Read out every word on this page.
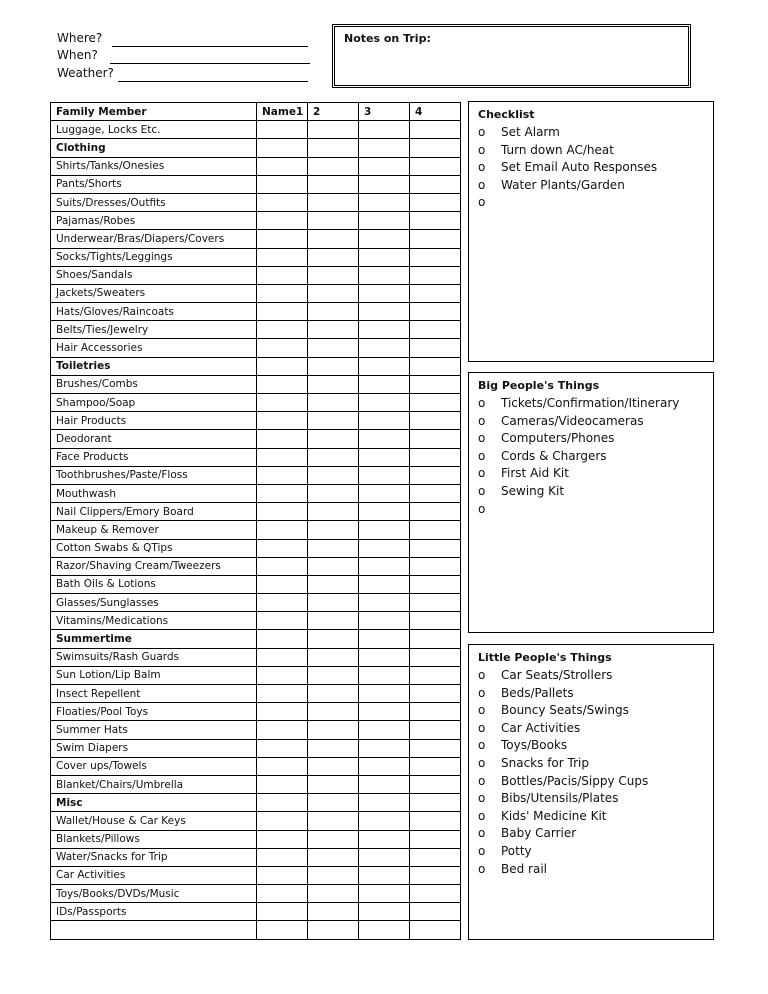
Where?
When?
Weather?
Notes on Trip:
Family Member	Name1	2	3	4
Luggage, Locks Etc.				
Clothing				
Shirts/Tanks/Onesies				
Pants/Shorts				
Suits/Dresses/Outfits				
Pajamas/Robes				
Underwear/Bras/Diapers/Covers				
Socks/Tights/Leggings				
Shoes/Sandals				
Jackets/Sweaters				
Hats/Gloves/Raincoats				
Belts/Ties/Jewelry				
Hair Accessories				
Toiletries				
Brushes/Combs				
Shampoo/Soap				
Hair Products				
Deodorant				
Face Products				
Toothbrushes/Paste/Floss				
Mouthwash				
Nail Clippers/Emory Board				
Makeup & Remover				
Cotton Swabs & QTips				
Razor/Shaving Cream/Tweezers				
Bath Oils & Lotions				
Glasses/Sunglasses				
Vitamins/Medications				
Summertime				
Swimsuits/Rash Guards				
Sun Lotion/Lip Balm				
Insect Repellent				
Floaties/Pool Toys				
Summer Hats				
Swim Diapers				
Cover ups/Towels				
Blanket/Chairs/Umbrella				
Misc				
Wallet/House & Car Keys				
Blankets/Pillows				
Water/Snacks for Trip				
Car Activities				
Toys/Books/DVDs/Music				
IDs/Passports				

Checklist
o Set Alarm
o Turn down AC/heat
o Set Email Auto Responses
o Water Plants/Garden
o
Big People's Things
o Tickets/Confirmation/Itinerary
o Cameras/Videocameras
o Computers/Phones
o Cords & Chargers
o First Aid Kit
o Sewing Kit
o
Little People's Things
o Car Seats/Strollers
o Beds/Pallets
o Bouncy Seats/Swings
o Car Activities
o Toys/Books
o Snacks for Trip
o Bottles/Pacis/Sippy Cups
o Bibs/Utensils/Plates
o Kids' Medicine Kit
o Baby Carrier
o Potty
o Bed rail
